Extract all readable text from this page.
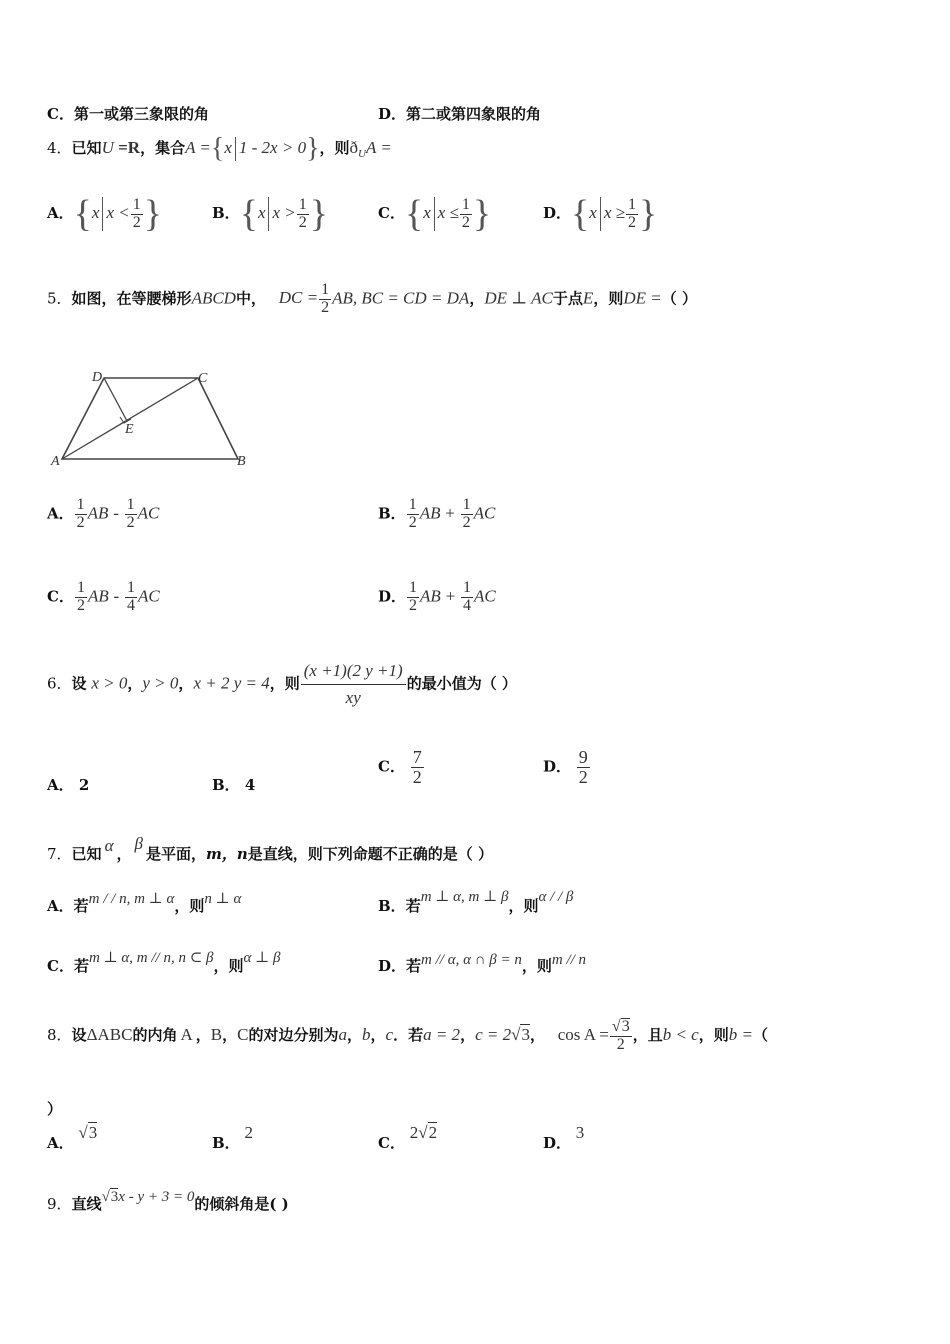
C．第一或第三象限的角	D．第二或第四象限的角
4．已知U =R，集合A ={x 1 - 2x > 0}，则$ð_UA$ =
A．{x $x < \frac{1}{2}$ }	B．{x $x > \frac{1}{2}$ }	C．{x $x \le \frac{1}{2}$ }	D．{x $x \ge \frac{1}{2}$ }
5．如图，在等腰梯形ABCD中， DC = $\frac{1}{2}$ AB, BC = CD = DA，DE ⊥ AC于点E，则DE =（ ）
D	C
E
A	B
A． $\frac{1}{2}$ AB - $\frac{1}{2}$ AC	B． $\frac{1}{2}$ AB + $\frac{1}{2}$ AC
C． $\frac{1}{2}$ AB - $\frac{1}{4}$ AC	D． $\frac{1}{2}$ AB + $\frac{1}{4}$ AC
6．设 x > 0，y > 0，x + 2 y = 4，则 $\frac{(x +1)(2 y +1)}{xy}$ 的最小值为（ ）
A． 2	B． 4
C． $\frac{7}{2}$	D． $\frac{9}{2}$
7．已知 α ，β是平面，m，n是直线，则下列命题不正确的是（ ）
A．若m / / n, m ⊥ α，则n ⊥ α	B．若m ⊥ α, m ⊥ β，则α / / β
C．若m ⊥ α, m // n, n ⊂ β，则α ⊥ β	D．若m // α, α ∩ β = n，则m // n
8．设ΔABC的内角 A ，B，C的对边分别为a，b，c．若a = 2，c = 2√3， $\cos A = \frac{√3}{2}$ ，且b < c，则b =（
）
A． √3
B． 2
C． 2√2
D． 3
9．直线√3x - y + 3 = 0的倾斜角是( )
